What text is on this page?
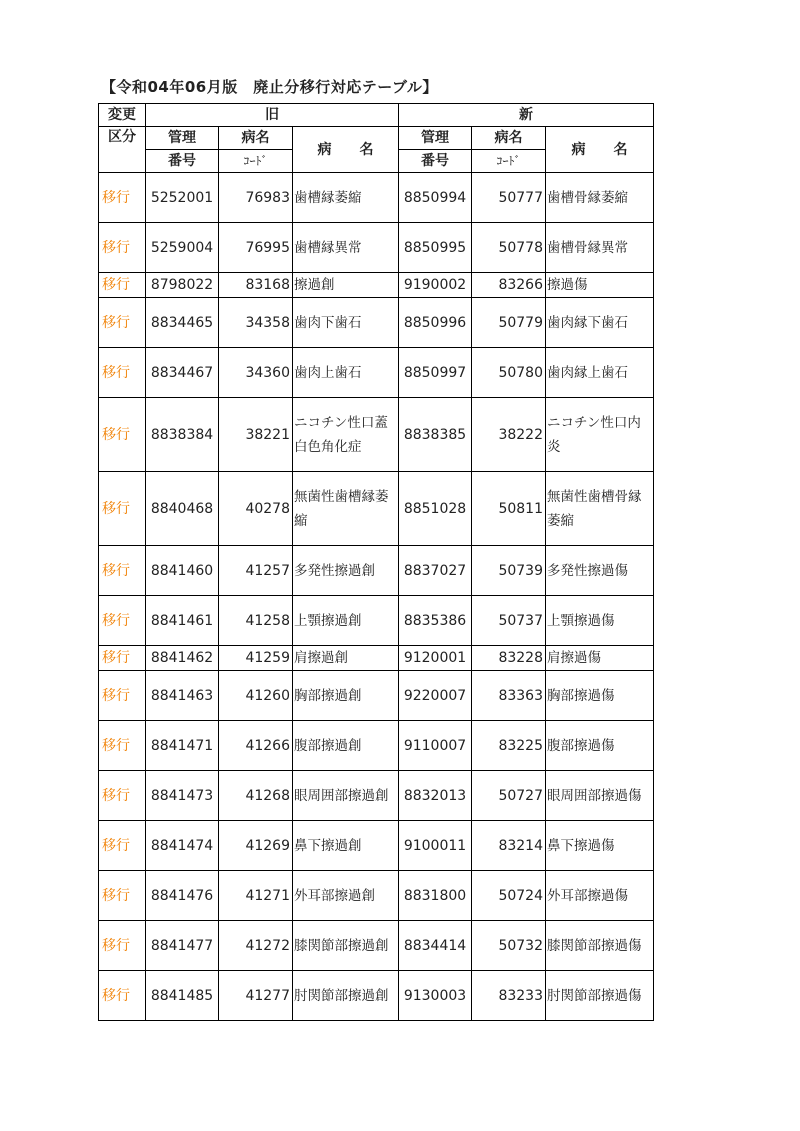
【令和04年06月版　廃止分移行対応テーブル】
変更	旧			新		
区分	管理	病名	病　　名	管理	病名	病　　名
	番号	ｺｰﾄﾞ		番号	ｺｰﾄﾞ	
移行	5252001	76983	歯槽縁萎縮	8850994	50777	歯槽骨縁萎縮
移行	5259004	76995	歯槽縁異常	8850995	50778	歯槽骨縁異常
移行	8798022	83168	擦過創	9190002	83266	擦過傷
移行	8834465	34358	歯肉下歯石	8850996	50779	歯肉縁下歯石
移行	8834467	34360	歯肉上歯石	8850997	50780	歯肉縁上歯石
移行	8838384	38221	ニコチン性口蓋白色角化症	8838385	38222	ニコチン性口内炎
移行	8840468	40278	無菌性歯槽縁萎縮	8851028	50811	無菌性歯槽骨縁萎縮
移行	8841460	41257	多発性擦過創	8837027	50739	多発性擦過傷
移行	8841461	41258	上顎擦過創	8835386	50737	上顎擦過傷
移行	8841462	41259	肩擦過創	9120001	83228	肩擦過傷
移行	8841463	41260	胸部擦過創	9220007	83363	胸部擦過傷
移行	8841471	41266	腹部擦過創	9110007	83225	腹部擦過傷
移行	8841473	41268	眼周囲部擦過創	8832013	50727	眼周囲部擦過傷
移行	8841474	41269	鼻下擦過創	9100011	83214	鼻下擦過傷
移行	8841476	41271	外耳部擦過創	8831800	50724	外耳部擦過傷
移行	8841477	41272	膝関節部擦過創	8834414	50732	膝関節部擦過傷
移行	8841485	41277	肘関節部擦過創	9130003	83233	肘関節部擦過傷
